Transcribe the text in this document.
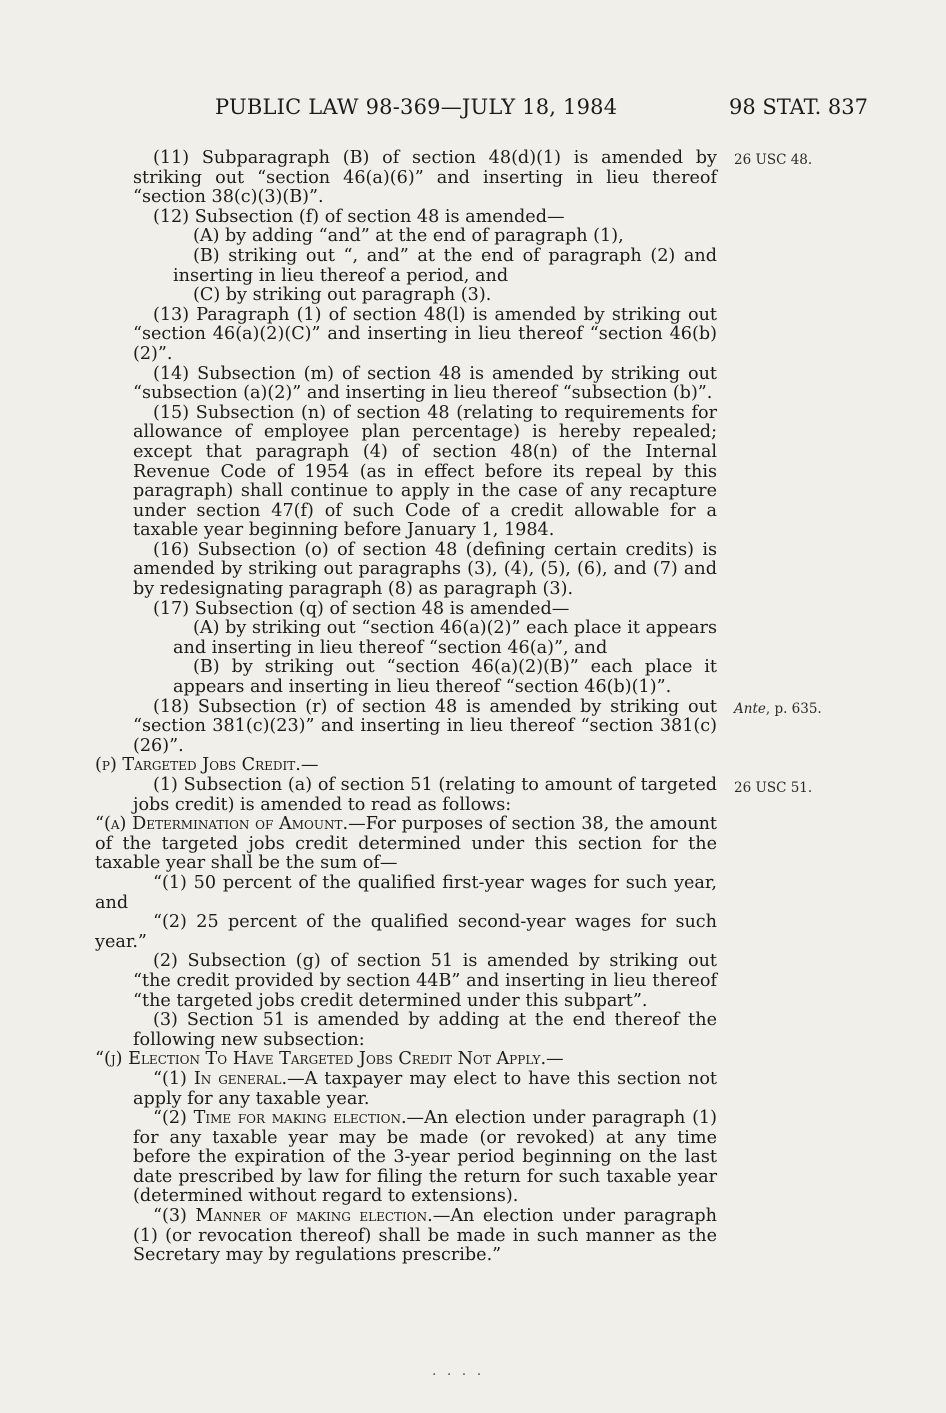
PUBLIC LAW 98-369—JULY 18, 1984	98 STAT. 837
26 USC 48.
Ante, p. 635.
26 USC 51.

(11) Subparagraph (B) of section 48(d)(1) is amended by striking out “section 46(a)(6)” and inserting in lieu thereof “section 38(c)(3)(B)”.

(12) Subsection (f) of section 48 is amended—

(A) by adding “and” at the end of paragraph (1),

(B) striking out “, and” at the end of paragraph (2) and inserting in lieu thereof a period, and

(C) by striking out paragraph (3).

(13) Paragraph (1) of section 48(l) is amended by striking out “section 46(a)(2)(C)” and inserting in lieu thereof “section 46(b)(2)”.

(14) Subsection (m) of section 48 is amended by striking out “subsection (a)(2)” and inserting in lieu thereof “subsection (b)”.

(15) Subsection (n) of section 48 (relating to requirements for allowance of employee plan percentage) is hereby repealed; except that paragraph (4) of section 48(n) of the Internal Revenue Code of 1954 (as in effect before its repeal by this paragraph) shall continue to apply in the case of any recapture under section 47(f) of such Code of a credit allowable for a taxable year beginning before January 1, 1984.

(16) Subsection (o) of section 48 (defining certain credits) is amended by striking out paragraphs (3), (4), (5), (6), and (7) and by redesignating paragraph (8) as paragraph (3).

(17) Subsection (q) of section 48 is amended—

(A) by striking out “section 46(a)(2)” each place it appears and inserting in lieu thereof “section 46(a)”, and

(B) by striking out “section 46(a)(2)(B)” each place it appears and inserting in lieu thereof “section 46(b)(1)”.

(18) Subsection (r) of section 48 is amended by striking out “section 381(c)(23)” and inserting in lieu thereof “section 381(c)(26)”.

(p) Targeted Jobs Credit.—

(1) Subsection (a) of section 51 (relating to amount of targeted jobs credit) is amended to read as follows:

“(a) Determination of Amount.—For purposes of section 38, the amount of the targeted jobs credit determined under this section for the taxable year shall be the sum of—

“(1) 50 percent of the qualified first-year wages for such year, and

“(2) 25 percent of the qualified second-year wages for such year.”

(2) Subsection (g) of section 51 is amended by striking out “the credit provided by section 44B” and inserting in lieu thereof “the targeted jobs credit determined under this subpart”.

(3) Section 51 is amended by adding at the end thereof the following new subsection:

“(j) Election To Have Targeted Jobs Credit Not Apply.—

“(1) In general.—A taxpayer may elect to have this section not apply for any taxable year.

“(2) Time for making election.—An election under paragraph (1) for any taxable year may be made (or revoked) at any time before the expiration of the 3-year period beginning on the last date prescribed by law for filing the return for such taxable year (determined without regard to extensions).

“(3) Manner of making election.—An election under paragraph (1) (or revocation thereof) shall be made in such manner as the Secretary may by regulations prescribe.”

. . . .
